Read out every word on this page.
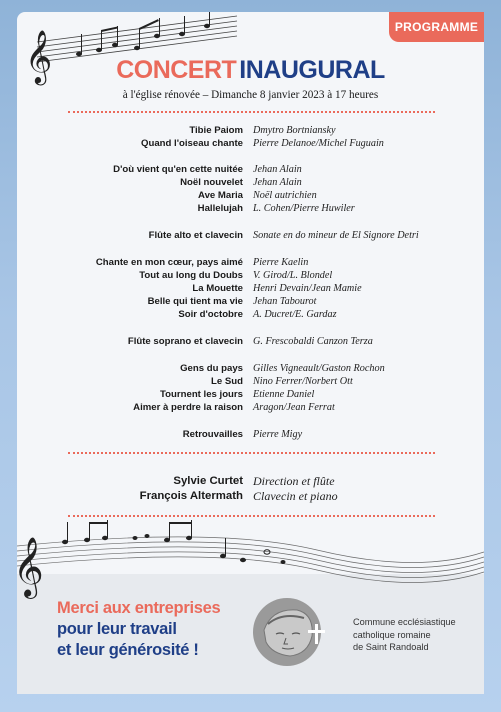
𝄞
PROGRAMME
CONCERT INAUGURAL
à l'église rénovée – Dimanche 8 janvier 2023 à 17 heures
Tibie Paiom Dmytro Bortniansky
Quand l'oiseau chante Pierre Delanoe/Michel Fuguain
D'où vient qu'en cette nuitée Jehan Alain
Noël nouvelet Jehan Alain
Ave Maria Noël autrichien
Hallelujah L. Cohen/Pierre Huwiler
Flûte alto et clavecin Sonate en do mineur de El Signore Detri
Chante en mon cœur, pays aimé Pierre Kaelin
Tout au long du Doubs V. Girod/L. Blondel
La Mouette Henri Devain/Jean Mamie
Belle qui tient ma vie Jehan Tabourot
Soir d'octobre A. Ducret/E. Gardaz
Flûte soprano et clavecin G. Frescobaldi Canzon Terza
Gens du pays Gilles Vigneault/Gaston Rochon
Le Sud Nino Ferrer/Norbert Ott
Tournent les jours Etienne Daniel
Aimer à perdre la raison Aragon/Jean Ferrat
Retrouvailles Pierre Migy
Sylvie Curtet Direction et flûte
François Altermath Clavecin et piano
𝄞
Merci aux entreprises
pour leur travail
et leur générosité !
Commune ecclésiastique
catholique romaine
de Saint Randoald
